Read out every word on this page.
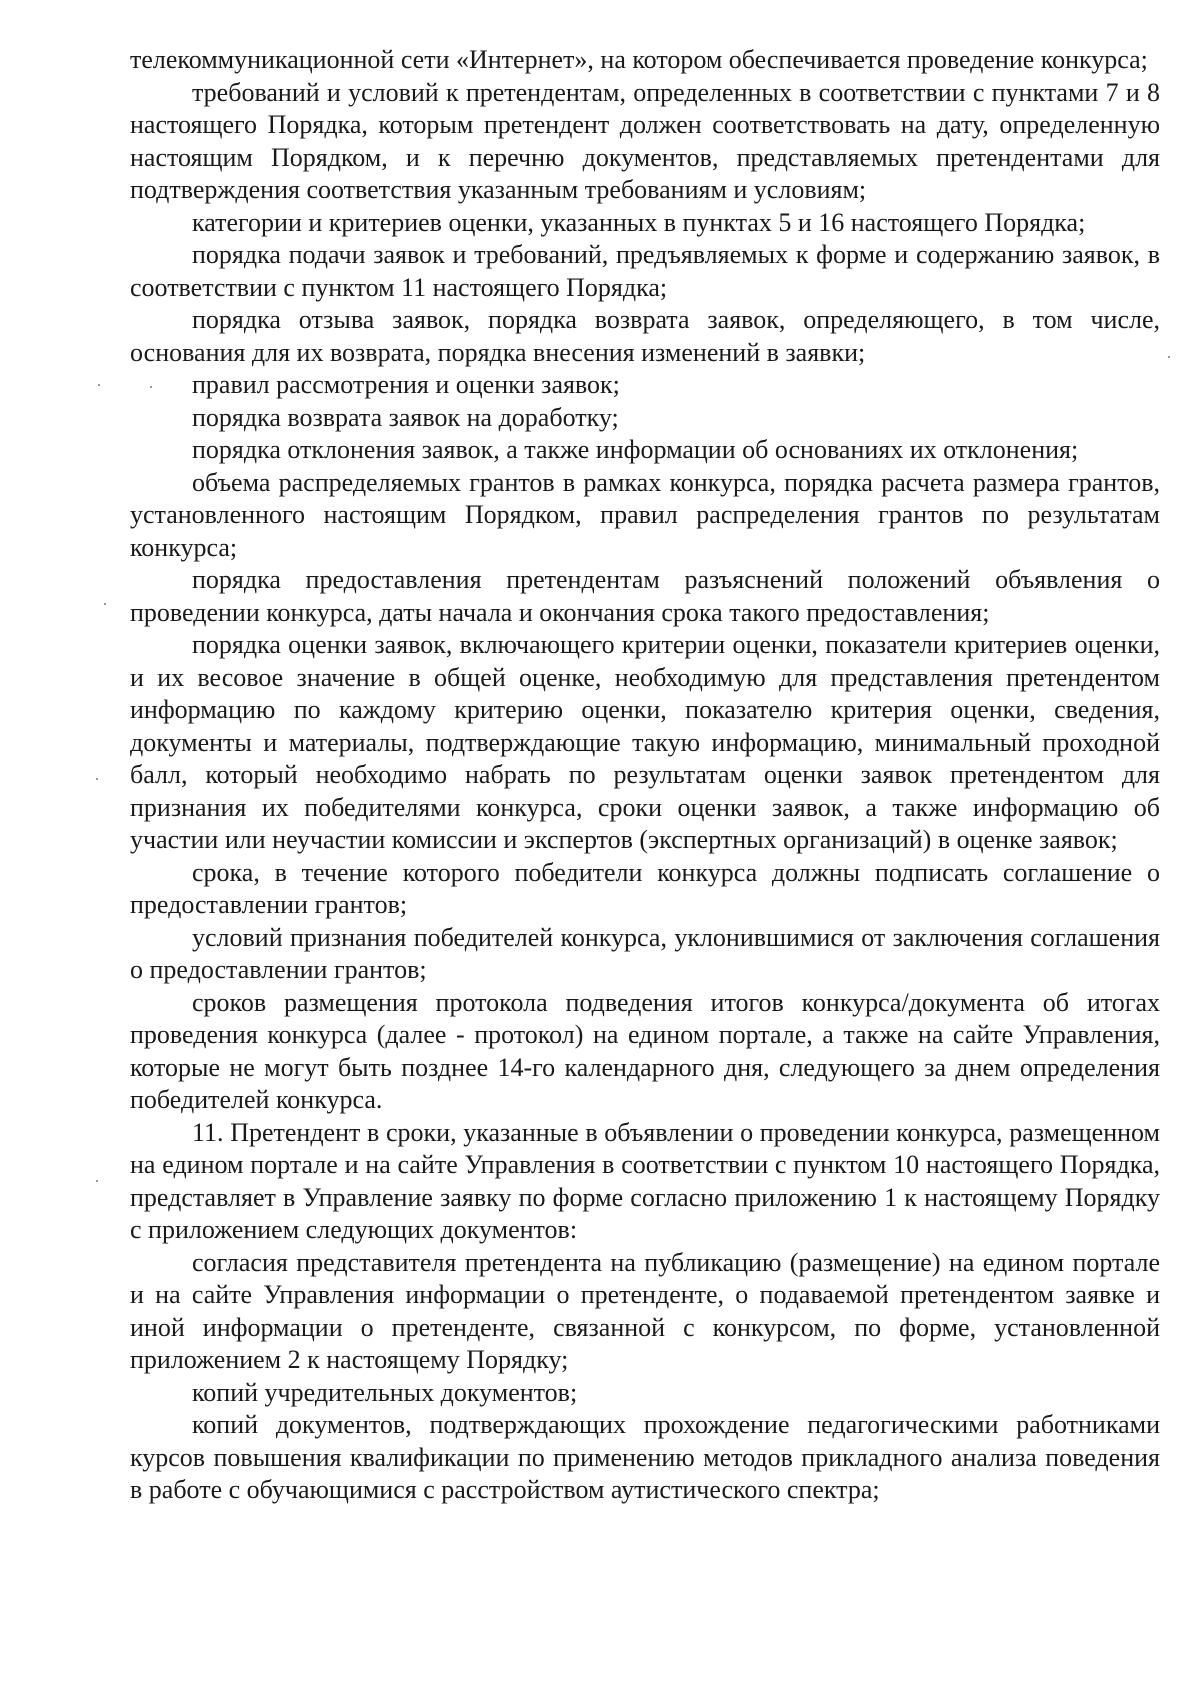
телекоммуникационной сети «Интернет», на котором обеспечивается проведение конкурса;

требований и условий к претендентам, определенных в соответствии с пунктами 7 и 8 настоящего Порядка, которым претендент должен соответствовать на дату, определенную настоящим Порядком, и к перечню документов, представляемых претендентами для подтверждения соответствия указанным требованиям и условиям;

категории и критериев оценки, указанных в пунктах 5 и 16 настоящего Порядка;

порядка подачи заявок и требований, предъявляемых к форме и содержанию заявок, в соответствии с пунктом 11 настоящего Порядка;

порядка отзыва заявок, порядка возврата заявок, определяющего, в том числе, основания для их возврата, порядка внесения изменений в заявки;

правил рассмотрения и оценки заявок;

порядка возврата заявок на доработку;

порядка отклонения заявок, а также информации об основаниях их отклонения;

объема распределяемых грантов в рамках конкурса, порядка расчета размера грантов, установленного настоящим Порядком, правил распределения грантов по результатам конкурса;

порядка предоставления претендентам разъяснений положений объявления о проведении конкурса, даты начала и окончания срока такого предоставления;

порядка оценки заявок, включающего критерии оценки, показатели критериев оценки, и их весовое значение в общей оценке, необходимую для представления претендентом информацию по каждому критерию оценки, показателю критерия оценки, сведения, документы и материалы, подтверждающие такую информацию, минимальный проходной балл, который необходимо набрать по результатам оценки заявок претендентом для признания их победителями конкурса, сроки оценки заявок, а также информацию об участии или неучастии комиссии и экспертов (экспертных организаций) в оценке заявок;

срока, в течение которого победители конкурса должны подписать соглашение о предоставлении грантов;

условий признания победителей конкурса, уклонившимися от заключения соглашения о предоставлении грантов;

сроков размещения протокола подведения итогов конкурса/документа об итогах проведения конкурса (далее - протокол) на едином портале, а также на сайте Управления, которые не могут быть позднее 14-го календарного дня, следующего за днем определения победителей конкурса.

11. Претендент в сроки, указанные в объявлении о проведении конкурса, размещенном на едином портале и на сайте Управления в соответствии с пунктом 10 настоящего Порядка, представляет в Управление заявку по форме согласно приложению 1 к настоящему Порядку с приложением следующих документов:

согласия представителя претендента на публикацию (размещение) на едином портале и на сайте Управления информации о претенденте, о подаваемой претендентом заявке и иной информации о претенденте, связанной с конкурсом, по форме, установленной приложением 2 к настоящему Порядку;

копий учредительных документов;

копий документов, подтверждающих прохождение педагогическими работниками курсов повышения квалификации по применению методов прикладного анализа поведения в работе с обучающимися с расстройством аутистического спектра;
